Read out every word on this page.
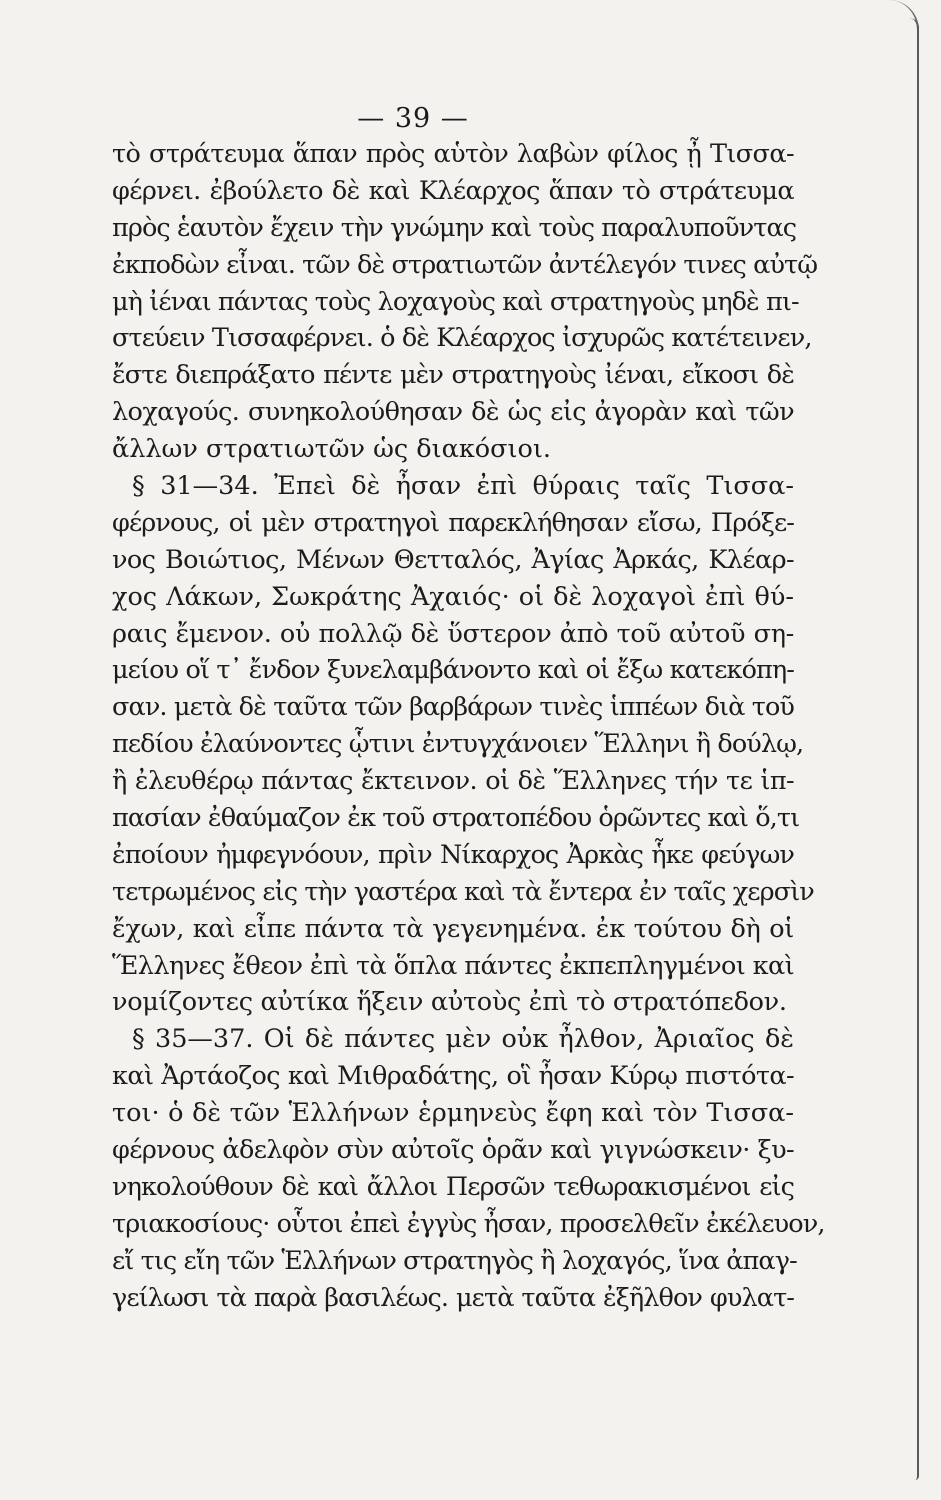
— 39 —
τὸ στράτευμα ἅπαν πρὸς αὑτὸν λαβὼν φίλος ᾖ Τισσα-
φέρνει. ἐβούλετο δὲ καὶ Κλέαρχος ἅπαν τὸ στράτευμα
πρὸς ἑαυτὸν ἔχειν τὴν γνώμην καὶ τοὺς παραλυποῦντας
ἐκποδὼν εἶναι. τῶν δὲ στρατιωτῶν ἀντέλεγόν τινες αὐτῷ
μὴ ἰέναι πάντας τοὺς λοχαγοὺς καὶ στρατηγοὺς μηδὲ πι-
στεύειν Τισσαφέρνει. ὁ δὲ Κλέαρχος ἰσχυρῶς κατέτεινεν,
ἔστε διεπράξατο πέντε μὲν στρατηγοὺς ἰέναι, εἴκοσι δὲ
λοχαγούς. συνηκολούθησαν δὲ ὡς εἰς ἀγορὰν καὶ τῶν
ἄλλων στρατιωτῶν ὡς διακόσιοι.
§ 31—34. Ἐπεὶ δὲ ἦσαν ἐπὶ θύραις ταῖς Τισσα-
φέρνους, οἱ μὲν στρατηγοὶ παρεκλήθησαν εἴσω, Πρόξε-
νος Βοιώτιος, Μένων Θετταλός, Ἀγίας Ἀρκάς, Κλέαρ-
χος Λάκων, Σωκράτης Ἀχαιός· οἱ δὲ λοχαγοὶ ἐπὶ θύ-
ραις ἔμενον. οὐ πολλῷ δὲ ὕστερον ἀπὸ τοῦ αὐτοῦ ση-
μείου οἵ τ᾽ ἔνδον ξυνελαμβάνοντο καὶ οἱ ἔξω κατεκόπη-
σαν. μετὰ δὲ ταῦτα τῶν βαρβάρων τινὲς ἱππέων διὰ τοῦ
πεδίου ἐλαύνοντες ᾧτινι ἐντυγχάνοιεν Ἕλληνι ἢ δούλῳ,
ἢ ἐλευθέρῳ πάντας ἔκτεινον. οἱ δὲ Ἕλληνες τήν τε ἱπ-
πασίαν ἐθαύμαζον ἐκ τοῦ στρατοπέδου ὁρῶντες καὶ ὅ,τι
ἐποίουν ἠμφεγνόουν, πρὶν Νίκαρχος Ἀρκὰς ἧκε φεύγων
τετρωμένος εἰς τὴν γαστέρα καὶ τὰ ἔντερα ἐν ταῖς χερσὶν
ἔχων, καὶ εἶπε πάντα τὰ γεγενημένα. ἐκ τούτου δὴ οἱ
Ἕλληνες ἔθεον ἐπὶ τὰ ὅπλα πάντες ἐκπεπληγμένοι καὶ
νομίζοντες αὐτίκα ἥξειν αὐτοὺς ἐπὶ τὸ στρατόπεδον.
§ 35—37. Οἱ δὲ πάντες μὲν οὐκ ἦλθον, Ἀριαῖος δὲ
καὶ Ἀρτάοζος καὶ Μιθραδάτης, οἳ ἦσαν Κύρῳ πιστότα-
τοι· ὁ δὲ τῶν Ἑλλήνων ἑρμηνεὺς ἔφη καὶ τὸν Τισσα-
φέρνους ἀδελφὸν σὺν αὐτοῖς ὁρᾶν καὶ γιγνώσκειν· ξυ-
νηκολούθουν δὲ καὶ ἄλλοι Περσῶν τεθωρακισμένοι εἰς
τριακοσίους· οὗτοι ἐπεὶ ἐγγὺς ἦσαν, προσελθεῖν ἐκέλευον,
εἴ τις εἴη τῶν Ἑλλήνων στρατηγὸς ἢ λοχαγός, ἵνα ἀπαγ-
γείλωσι τὰ παρὰ βασιλέως. μετὰ ταῦτα ἐξῆλθον φυλατ-
